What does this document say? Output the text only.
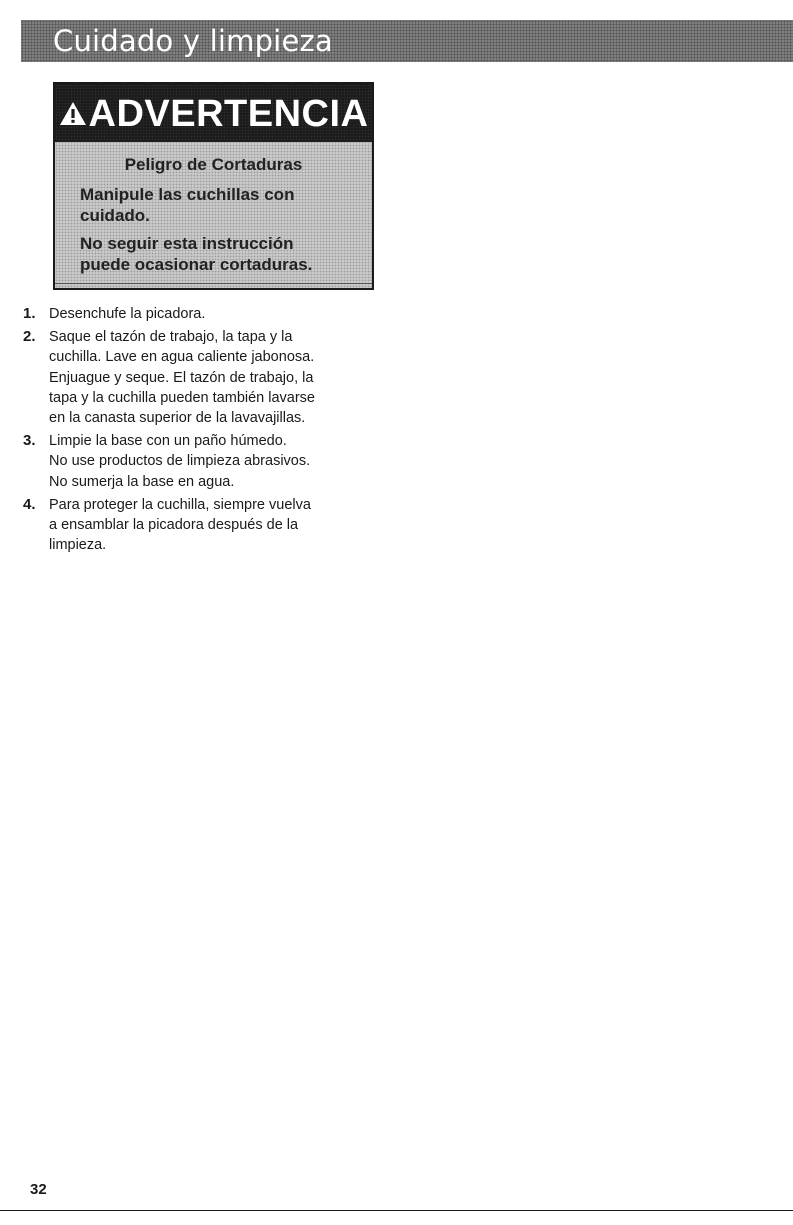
Cuidado y limpieza
ADVERTENCIA
Peligro de Cortaduras
Manipule las cuchillas con
cuidado.
No seguir esta instrucción
puede ocasionar cortaduras.
1. Desenchufe la picadora.
2. Saque el tazón de trabajo, la tapa y la
cuchilla. Lave en agua caliente jabonosa.
Enjuague y seque. El tazón de trabajo, la
tapa y la cuchilla pueden también lavarse
en la canasta superior de la lavavajillas.
3. Limpie la base con un paño húmedo.
No use productos de limpieza abrasivos.
No sumerja la base en agua.
4. Para proteger la cuchilla, siempre vuelva
a ensamblar la picadora después de la
limpieza.
32
